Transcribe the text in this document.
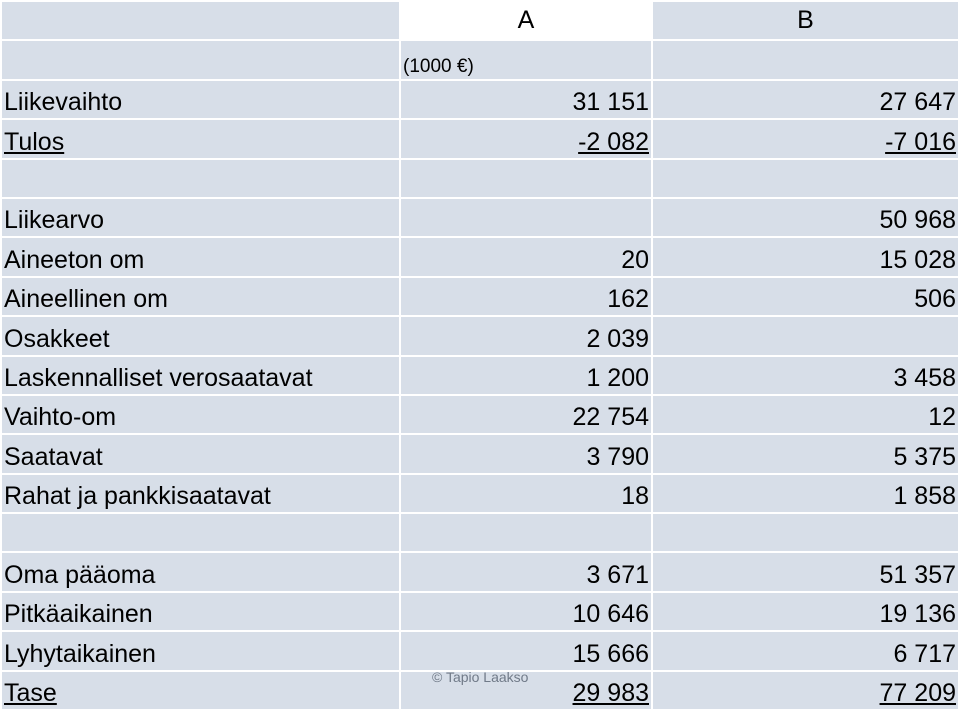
	A	B
	(1000 €)	
Liikevaihto	31 151	27 647
Tulos	-2 082	-7 016

Liikearvo		50 968
Aineeton om	20	15 028
Aineellinen om	162	506
Osakkeet	2 039	
Laskennalliset verosaatavat	1 200	3 458
Vaihto-om	22 754	12
Saatavat	3 790	5 375
Rahat ja pankkisaatavat	18	1 858

Oma pääoma	3 671	51 357
Pitkäaikainen	10 646	19 136
Lyhytaikainen	15 666	6 717
Tase	29 983	77 209
© Tapio Laakso
